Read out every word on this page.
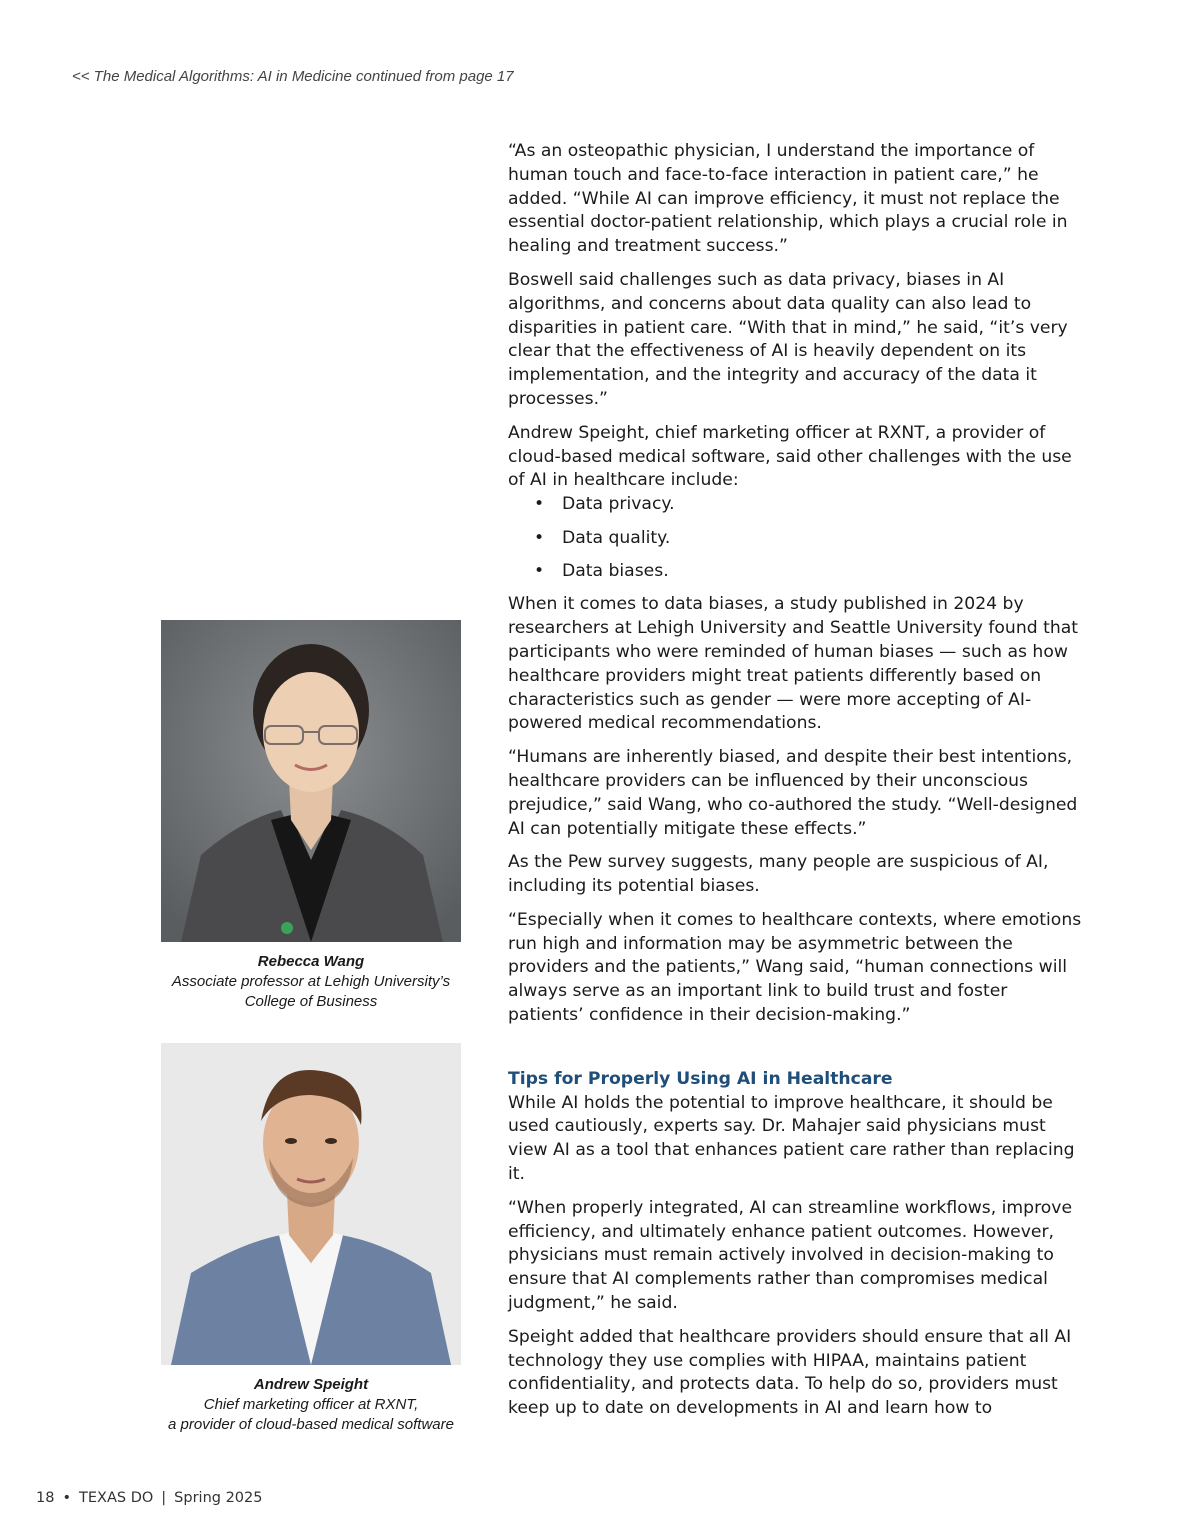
<< The Medical Algorithms: AI in Medicine continued from page 17
Rebecca Wang
Associate professor at Lehigh University’s
College of Business
Andrew Speight
Chief marketing officer at RXNT,
a provider of cloud-based medical software

“As an osteopathic physician, I understand the importance of human touch and face-to-face interaction in patient care,” he added. “While AI can improve efficiency, it must not replace the essential doctor-patient relationship, which plays a crucial role in healing and treatment success.”

Boswell said challenges such as data privacy, biases in AI algorithms, and concerns about data quality can also lead to disparities in patient care. “With that in mind,” he said, “it’s very clear that the effectiveness of AI is heavily dependent on its implementation, and the integrity and accuracy of the data it processes.”

Andrew Speight, chief marketing officer at RXNT, a provider of cloud-based medical software, said other challenges with the use of AI in healthcare include:

• Data privacy.
• Data quality.
• Data biases.

When it comes to data biases, a study published in 2024 by researchers at Lehigh University and Seattle University found that participants who were reminded of human biases — such as how healthcare providers might treat patients differently based on characteristics such as gender — were more accepting of AI-powered medical recommendations.

“Humans are inherently biased, and despite their best intentions, healthcare providers can be influenced by their unconscious prejudice,” said Wang, who co-authored the study. “Well-designed AI can potentially mitigate these effects.”

As the Pew survey suggests, many people are suspicious of AI, including its potential biases.

“Especially when it comes to healthcare contexts, where emotions run high and information may be asymmetric between the providers and the patients,” Wang said, “human connections will always serve as an important link to build trust and foster patients’ confidence in their decision-making.”

Tips for Properly Using AI in Healthcare

While AI holds the potential to improve healthcare, it should be used cautiously, experts say. Dr. Mahajer said physicians must view AI as a tool that enhances patient care rather than replacing it.

“When properly integrated, AI can streamline workflows, improve efficiency, and ultimately enhance patient outcomes. However, physicians must remain actively involved in decision-making to ensure that AI complements rather than compromises medical judgment,” he said.

Speight added that healthcare providers should ensure that all AI technology they use complies with HIPAA, maintains patient confidentiality, and protects data. To help do so, providers must keep up to date on developments in AI and learn how to

18 • TEXAS DO | Spring 2025
